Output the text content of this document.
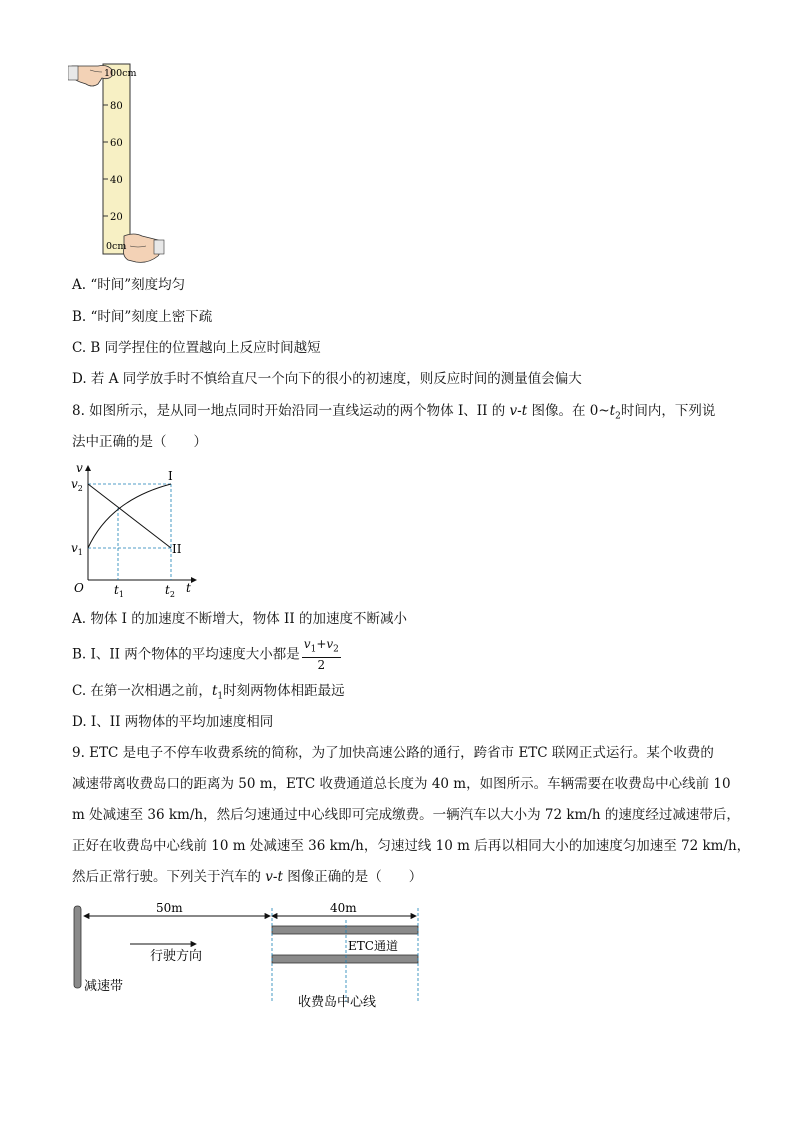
100cm
80
60
40
20
0cm
A. “时间”刻度均匀
B. “时间”刻度上密下疏
C. B 同学捏住的位置越向上反应时间越短
D. 若 A 同学放手时不慎给直尺一个向下的很小的初速度，则反应时间的测量值会偏大
8. 如图所示，是从同一地点同时开始沿同一直线运动的两个物体 I、II 的 v-t 图像。在 $0\sim t_2$时间内，下列说
法中正确的是（　　）
v
$v_2$
$v_1$
O	$t_1$	$t_2$ t
I
II
A. 物体 I 的加速度不断增大，物体 II 的加速度不断减小
B. I、II 两个物体的平均速度大小都是 $\frac{v_1+v_2}{2}$
C. 在第一次相遇之前，$t_1$时刻两物体相距最远
D. I、II 两物体的平均加速度相同
9. ETC 是电子不停车收费系统的简称，为了加快高速公路的通行，跨省市 ETC 联网正式运行。某个收费的
减速带离收费岛口的距离为 50 m，ETC 收费通道总长度为 40 m，如图所示。车辆需要在收费岛中心线前 10
m 处减速至 36 km/h，然后匀速通过中心线即可完成缴费。一辆汽车以大小为 72 km/h 的速度经过减速带后，
正好在收费岛中心线前 10 m 处减速至 36 km/h，匀速过线 10 m 后再以相同大小的加速度匀加速至 72 km/h，
然后正常行驶。下列关于汽车的 v-t 图像正确的是（　　）
50m	40m
行驶方向
ETC通道
减速带
收费岛中心线
